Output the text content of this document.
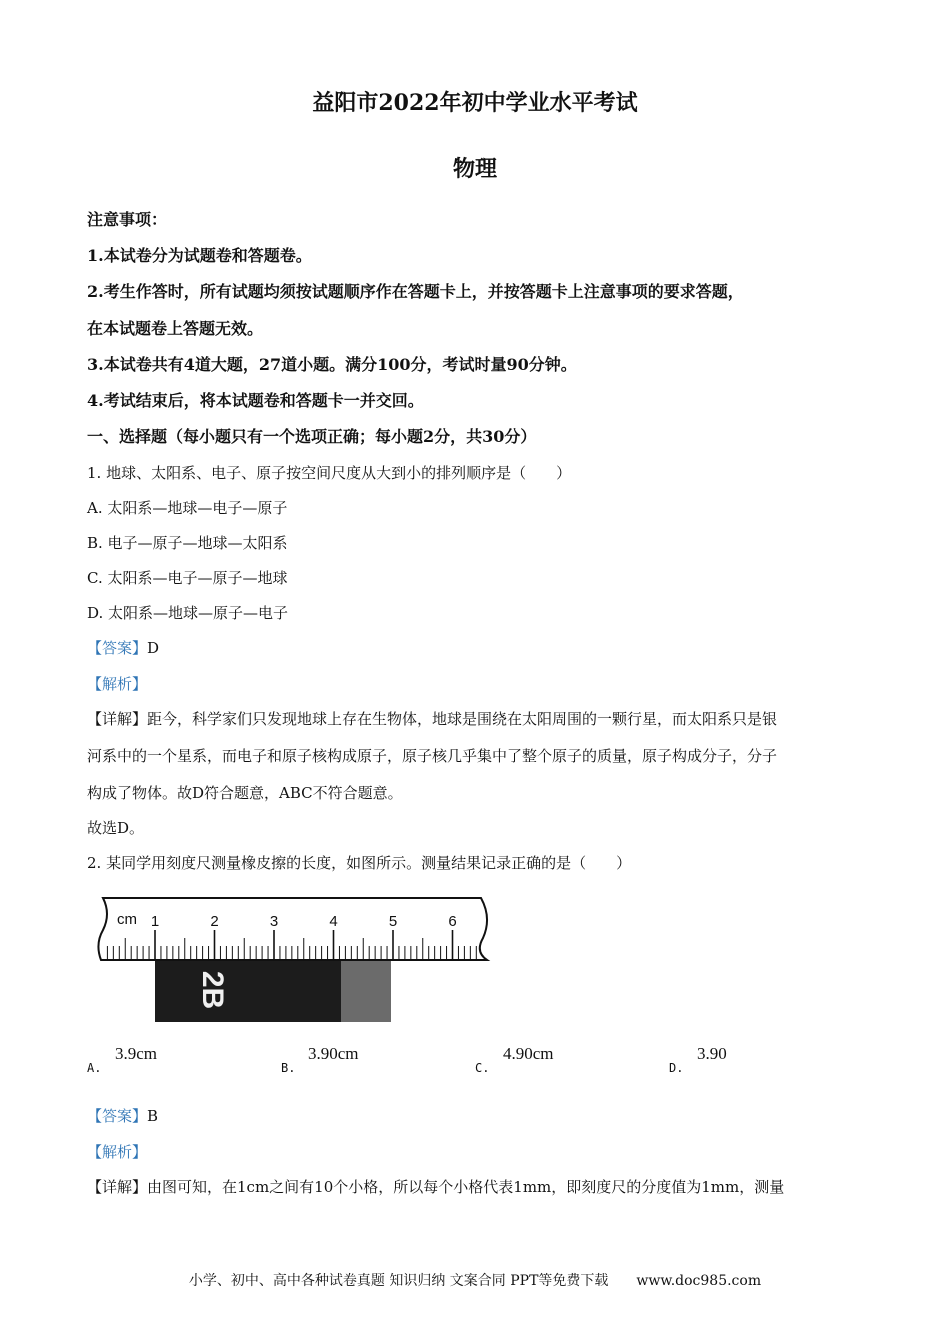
益阳市2022年初中学业水平考试
物理
注意事项：
1.本试卷分为试题卷和答题卷。
2.考生作答时，所有试题均须按试题顺序作在答题卡上，并按答题卡上注意事项的要求答题，
在本试题卷上答题无效。
3.本试卷共有4道大题，27道小题。满分100分，考试时量90分钟。
4.考试结束后，将本试题卷和答题卡一并交回。
一、选择题（每小题只有一个选项正确；每小题2分，共30分）
1. 地球、太阳系、电子、原子按空间尺度从大到小的排列顺序是（　　）
A. 太阳系—地球—电子—原子
B. 电子—原子—地球—太阳系
C. 太阳系—电子—原子—地球
D. 太阳系—地球—原子—电子
【答案】D
【解析】
【详解】距今，科学家们只发现地球上存在生物体，地球是围绕在太阳周围的一颗行星，而太阳系只是银
河系中的一个星系，而电子和原子核构成原子，原子核几乎集中了整个原子的质量，原子构成分子，分子
构成了物体。故D符合题意，ABC不符合题意。
故选D。
2. 某同学用刻度尺测量橡皮擦的长度，如图所示。测量结果记录正确的是（　　）
2B
cm 1	2	3	4	5	6
3.9cm
A.
3.90cm
B.
4.90cm
C.
3.90
D.
【答案】B
【解析】
【详解】由图可知，在1cm之间有10个小格，所以每个小格代表1mm，即刻度尺的分度值为1mm，测量
小学、初中、高中各种试卷真题 知识归纳 文案合同 PPT等免费下载　　www.doc985.com
